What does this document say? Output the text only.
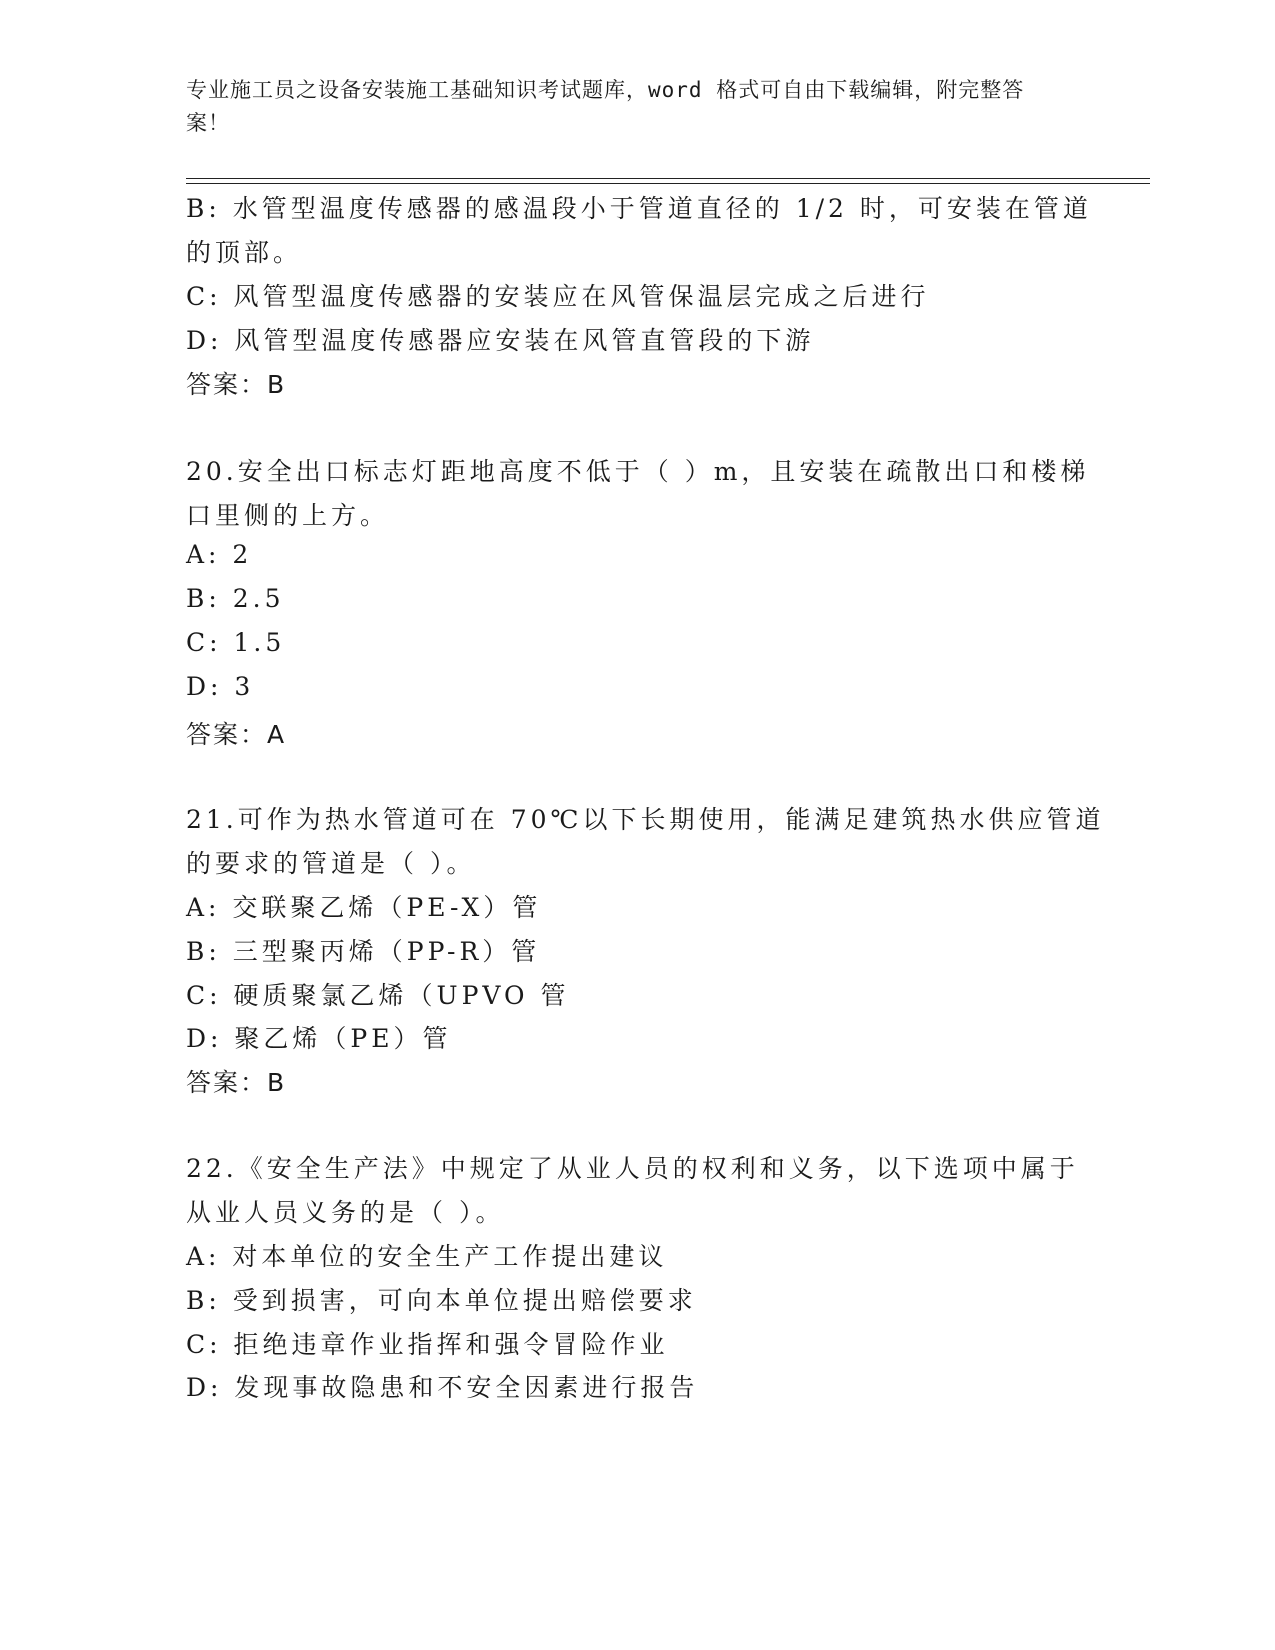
专业施工员之设备安装施工基础知识考试题库，word 格式可自由下载编辑，附完整答案！
B: 水管型温度传感器的感温段小于管道直径的 1/2 时，可安装在管道
的顶部。
C: 风管型温度传感器的安装应在风管保温层完成之后进行
D: 风管型温度传感器应安装在风管直管段的下游
答案：B
20.安全出口标志灯距地高度不低于（ ）m，且安装在疏散出口和楼梯
口里侧的上方。
A: 2
B: 2.5
C: 1.5
D: 3
答案：A
21.可作为热水管道可在 70℃以下长期使用，能满足建筑热水供应管道
的要求的管道是（ ）。
A: 交联聚乙烯（PE-X）管
B: 三型聚丙烯（PP-R）管
C: 硬质聚氯乙烯（UPVO 管
D: 聚乙烯（PE）管
答案：B
22.《安全生产法》中规定了从业人员的权利和义务，以下选项中属于
从业人员义务的是（ ）。
A: 对本单位的安全生产工作提出建议
B: 受到损害，可向本单位提出赔偿要求
C: 拒绝违章作业指挥和强令冒险作业
D: 发现事故隐患和不安全因素进行报告
